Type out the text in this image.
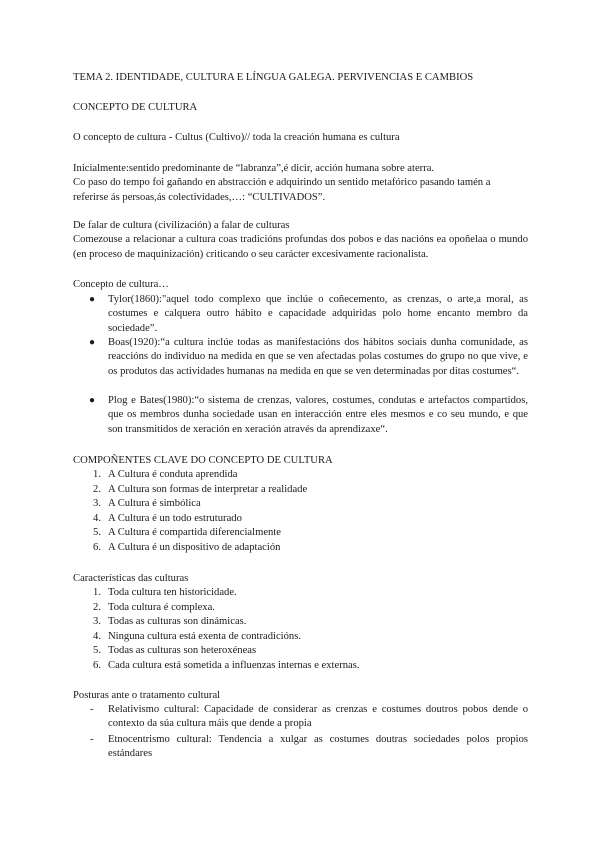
TEMA 2. IDENTIDADE, CULTURA E LÍNGUA GALEGA. PERVIVENCIAS E CAMBIOS
CONCEPTO DE CULTURA
O concepto de cultura - Cultus (Cultivo)// toda la creación humana es cultura

Inicialmente:sentido predominante de “labranza”,é dicir, acción humana sobre aterra.

Co paso do tempo foi gañando en abstracción e adquirindo un sentido metafórico pasando tamén a

referirse ás persoas,ás colectividades,…: “CULTIVADOS”.

De falar de cultura (civilización) a falar de culturas

Comezouse a relacionar a cultura coas tradicións profundas dos pobos e das nacións ea opoñelaa o mundo (en proceso de maquinización) criticando o seu carácter excesivamente racionalista.

Concepto de cultura…
● Tylor(1860):"aquel todo complexo que inclúe o coñecemento, as crenzas, o arte,a moral, as costumes e calquera outro hábito e capacidade adquiridas polo home encanto membro da sociedade”.
● Boas(1920):“a cultura inclúe todas as manifestacións dos hábitos sociais dunha comunidade, as reaccións do individuo na medida en que se ven afectadas polas costumes do grupo no que vive, e os produtos das actividades humanas na medida en que se ven determinadas por ditas costumes“.
● Plog e Bates(1980):“o sistema de crenzas, valores, costumes, condutas e artefactos compartidos, que os membros dunha sociedade usan en interacción entre eles mesmos e co seu mundo, e que son transmitidos de xeración en xeración através da aprendizaxe“.
COMPOÑENTES CLAVE DO CONCEPTO DE CULTURA
1. A Cultura é conduta aprendida
2. A Cultura son formas de interpretar a realidade
3. A Cultura é simbólica
4. A Cultura é un todo estruturado
5. A Cultura é compartida diferencialmente
6. A Cultura é un dispositivo de adaptación
Características das culturas
1. Toda cultura ten historicidade.
2. Toda cultura é complexa.
3. Todas as culturas son dinámicas.
4. Ninguna cultura está exenta de contradicións.
5. Todas as culturas son heteroxéneas
6. Cada cultura está sometida a influenzas internas e externas.
Posturas ante o tratamento cultural
- Relativismo cultural: Capacidade de considerar as crenzas e costumes doutros pobos dende o contexto da súa cultura máis que dende a propia
- Etnocentrismo cultural: Tendencia a xulgar as costumes doutras sociedades polos propios estándares
